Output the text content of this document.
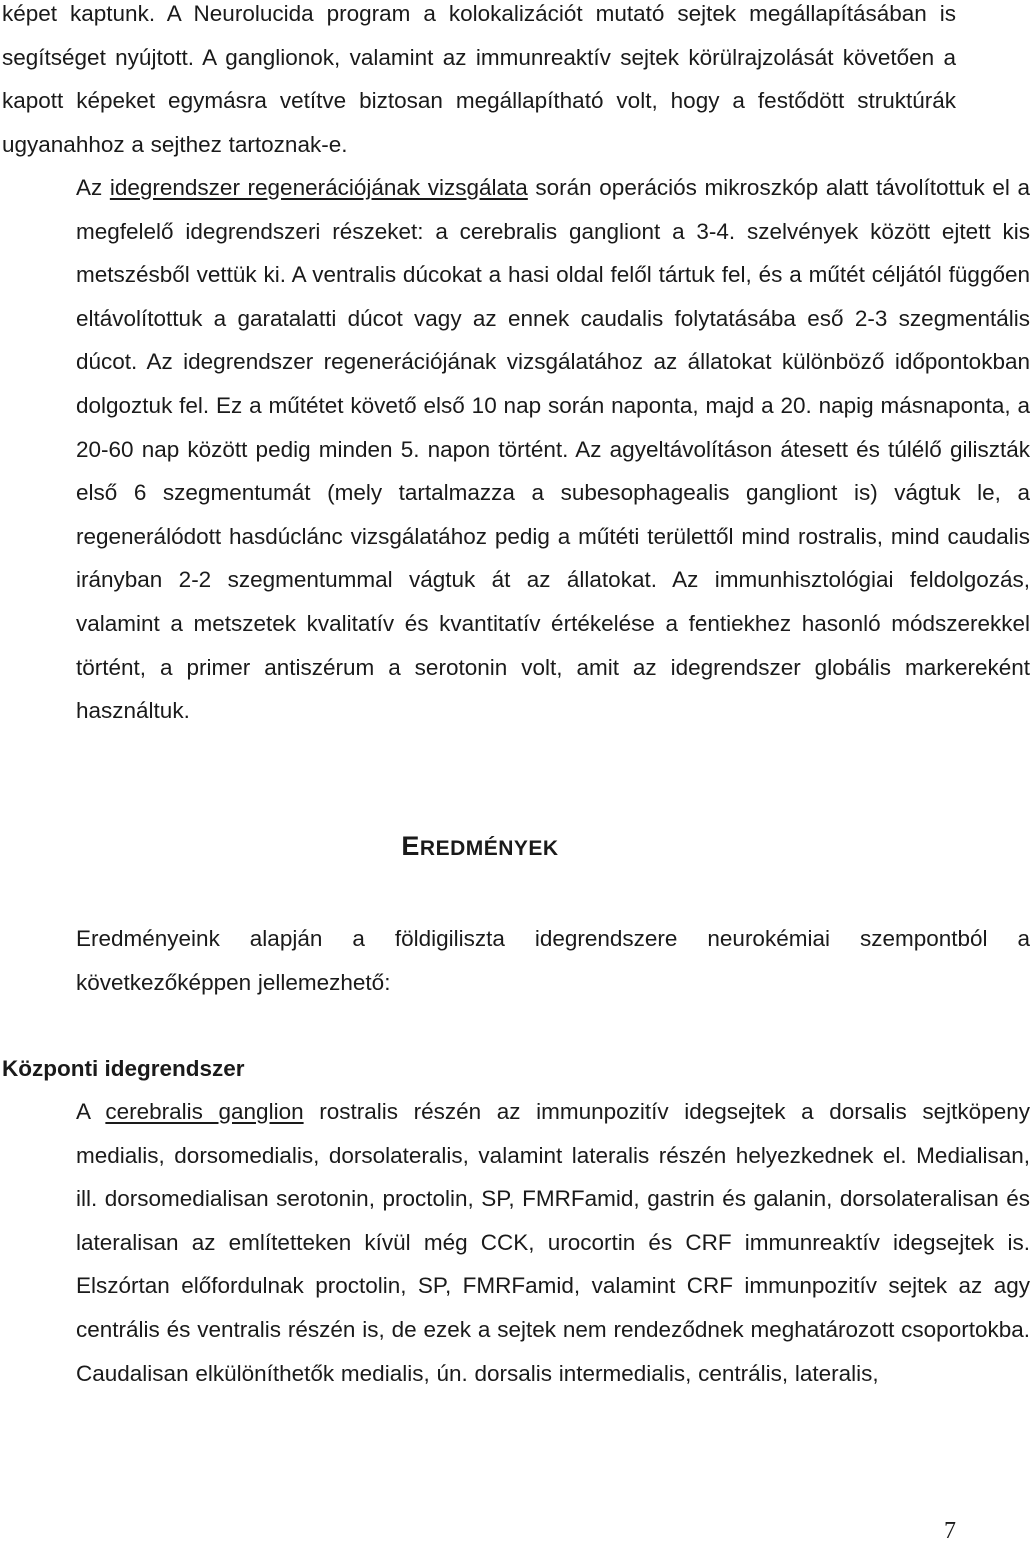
képet kaptunk. A Neurolucida program a kolokalizációt mutató sejtek megállapításában is segítséget nyújtott. A ganglionok, valamint az immunreaktív sejtek körülrajzolását követően a kapott képeket egymásra vetítve biztosan megállapítható volt, hogy a festődött struktúrák ugyanahhoz a sejthez tartoznak-e.

Az idegrendszer regenerációjának vizsgálata során operációs mikroszkóp alatt távolítottuk el a megfelelő idegrendszeri részeket: a cerebralis gangliont a 3-4. szelvények között ejtett kis metszésből vettük ki. A ventralis dúcokat a hasi oldal felől tártuk fel, és a műtét céljától függően eltávolítottuk a garatalatti dúcot vagy az ennek caudalis folytatásába eső 2-3 szegmentális dúcot. Az idegrendszer regenerációjának vizsgálatához az állatokat különböző időpontokban dolgoztuk fel. Ez a műtétet követő első 10 nap során naponta, majd a 20. napig másnaponta, a 20-60 nap között pedig minden 5. napon történt. Az agyeltávolításon átesett és túlélő giliszták első 6 szegmentumát (mely tartalmazza a subesophagealis gangliont is) vágtuk le, a regenerálódott hasdúclánc vizsgálatához pedig a műtéti területtől mind rostralis, mind caudalis irányban 2-2 szegmentummal vágtuk át az állatokat. Az immunhisztológiai feldolgozás, valamint a metszetek kvalitatív és kvantitatív értékelése a fentiekhez hasonló módszerekkel történt, a primer antiszérum a serotonin volt, amit az idegrendszer globális markereként használtuk.

EREDMÉNYEK

Eredményeink alapján a földigiliszta idegrendszere neurokémiai szempontból a következőképpen jellemezhető:

Központi idegrendszer

A cerebralis ganglion rostralis részén az immunpozitív idegsejtek a dorsalis sejtköpeny medialis, dorsomedialis, dorsolateralis, valamint lateralis részén helyezkednek el. Medialisan, ill. dorsomedialisan serotonin, proctolin, SP, FMRFamid, gastrin és galanin, dorsolateralisan és lateralisan az említetteken kívül még CCK, urocortin és CRF immunreaktív idegsejtek is. Elszórtan előfordulnak proctolin, SP, FMRFamid, valamint CRF immunpozitív sejtek az agy centrális és ventralis részén is, de ezek a sejtek nem rendeződnek meghatározott csoportokba. Caudalisan elkülöníthetők medialis, ún. dorsalis intermedialis, centrális, lateralis,

7
